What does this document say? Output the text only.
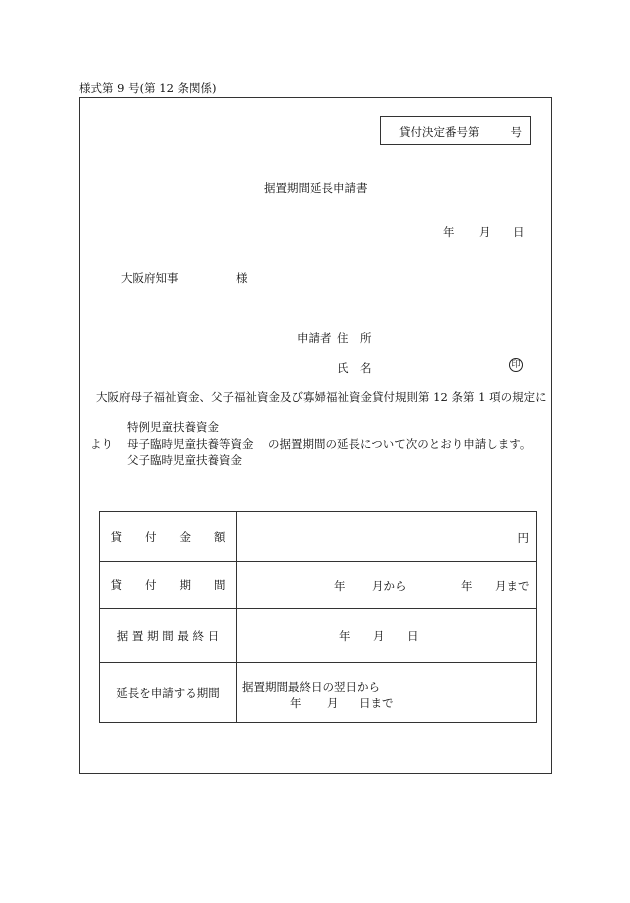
様式第 9 号(第 12 条関係)
貸付決定番号第	号
据置期間延長申請書
年 月 日
大阪府知事	様
申請者 住　所
氏　名	印
大阪府母子福祉資金、父子福祉資金及び寡婦福祉資金貸付規則第 12 条第 1 項の規定に
特例児童扶養資金
より 母子臨時児童扶養等資金 の据置期間の延長について次のとおり申請します。
父子臨時児童扶養資金
貸　　付　　金　　額	円

貸　　付　　期　　間	年 月から 年 月まで

据 置 期 間 最 終 日	年 月 日

延長を申請する期間	据置期間最終日の翌日から
年 月 日まで
